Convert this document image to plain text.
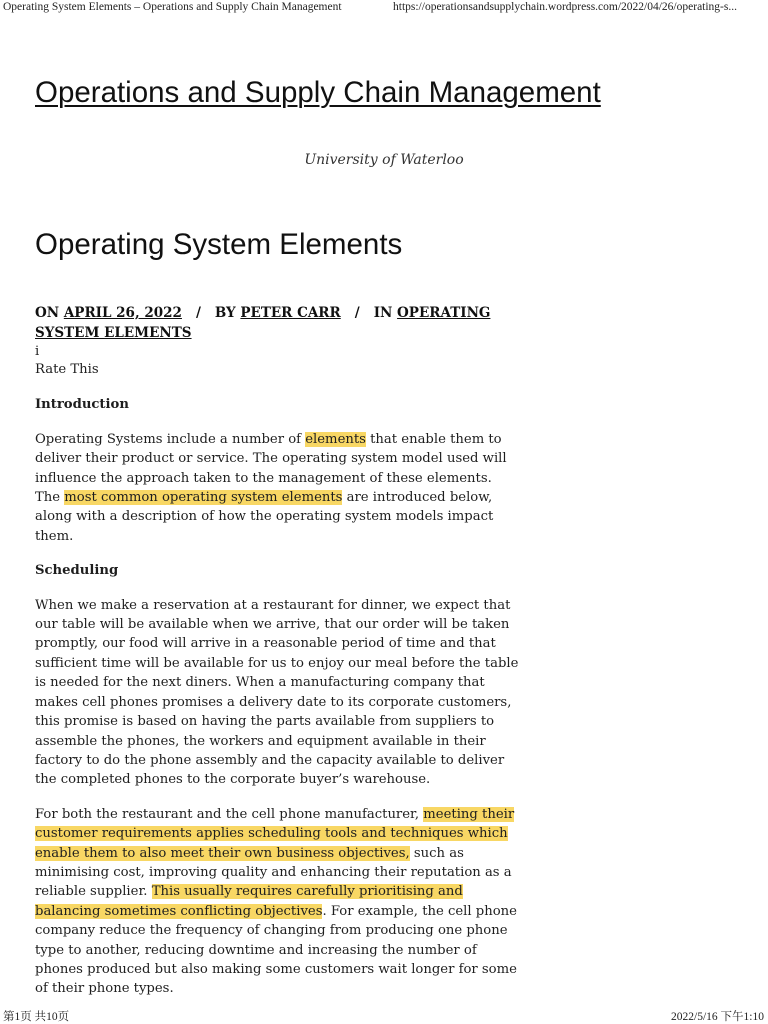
Operating System Elements – Operations and Supply Chain Management	https://operationsandsupplychain.wordpress.com/2022/04/26/operating-s...
Operations and Supply Chain Management
University of Waterloo
Operating System Elements
ON APRIL 26, 2022 / BY PETER CARR / IN OPERATING SYSTEM ELEMENTS
i
Rate This
Introduction

Operating Systems include a number of elements that enable them to deliver their product or service. The operating system model used will influence the approach taken to the management of these elements. The most common operating system elements are introduced below, along with a description of how the operating system models impact them.

Scheduling

When we make a reservation at a restaurant for dinner, we expect that our table will be available when we arrive, that our order will be taken promptly, our food will arrive in a reasonable period of time and that sufficient time will be available for us to enjoy our meal before the table is needed for the next diners. When a manufacturing company that makes cell phones promises a delivery date to its corporate customers, this promise is based on having the parts available from suppliers to assemble the phones, the workers and equipment available in their factory to do the phone assembly and the capacity available to deliver the completed phones to the corporate buyer’s warehouse.

For both the restaurant and the cell phone manufacturer, meeting their customer requirements applies scheduling tools and techniques which enable them to also meet their own business objectives, such as minimising cost, improving quality and enhancing their reputation as a reliable supplier. This usually requires carefully prioritising and balancing sometimes conflicting objectives. For example, the cell phone company reduce the frequency of changing from producing one phone type to another, reducing downtime and increasing the number of phones produced but also making some customers wait longer for some of their phone types.

第1页 共10页	2022/5/16 下午1:10
